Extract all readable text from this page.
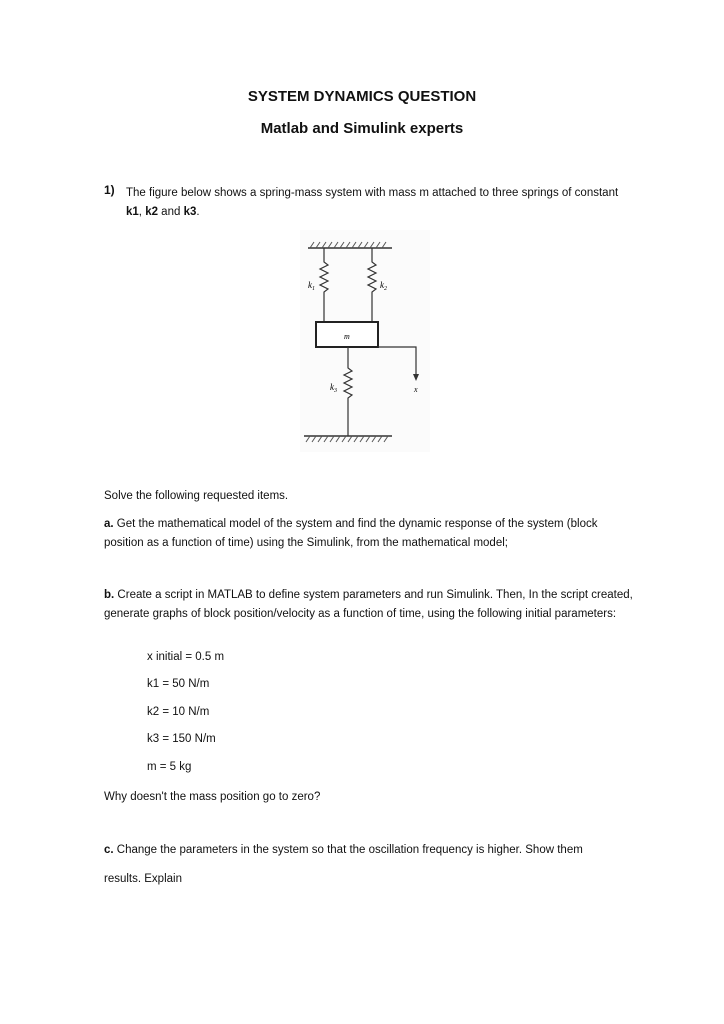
SYSTEM DYNAMICS QUESTION
Matlab and Simulink experts
1) The figure below shows a spring-mass system with mass m attached to three springs of constant k1, k2 and k3.
$k_1$	$k_2$
m
x
$k_3$
Solve the following requested items.
a. Get the mathematical model of the system and find the dynamic response of the system (block position as a function of time) using the Simulink, from the mathematical model;
b. Create a script in MATLAB to define system parameters and run Simulink. Then, In the script created, generate graphs of block position/velocity as a function of time, using the following initial parameters:
x initial = 0.5 m
k1 = 50 N/m
k2 = 10 N/m
k3 = 150 N/m
m = 5 kg
Why doesn't the mass position go to zero?
c. Change the parameters in the system so that the oscillation frequency is higher. Show them
results. Explain
